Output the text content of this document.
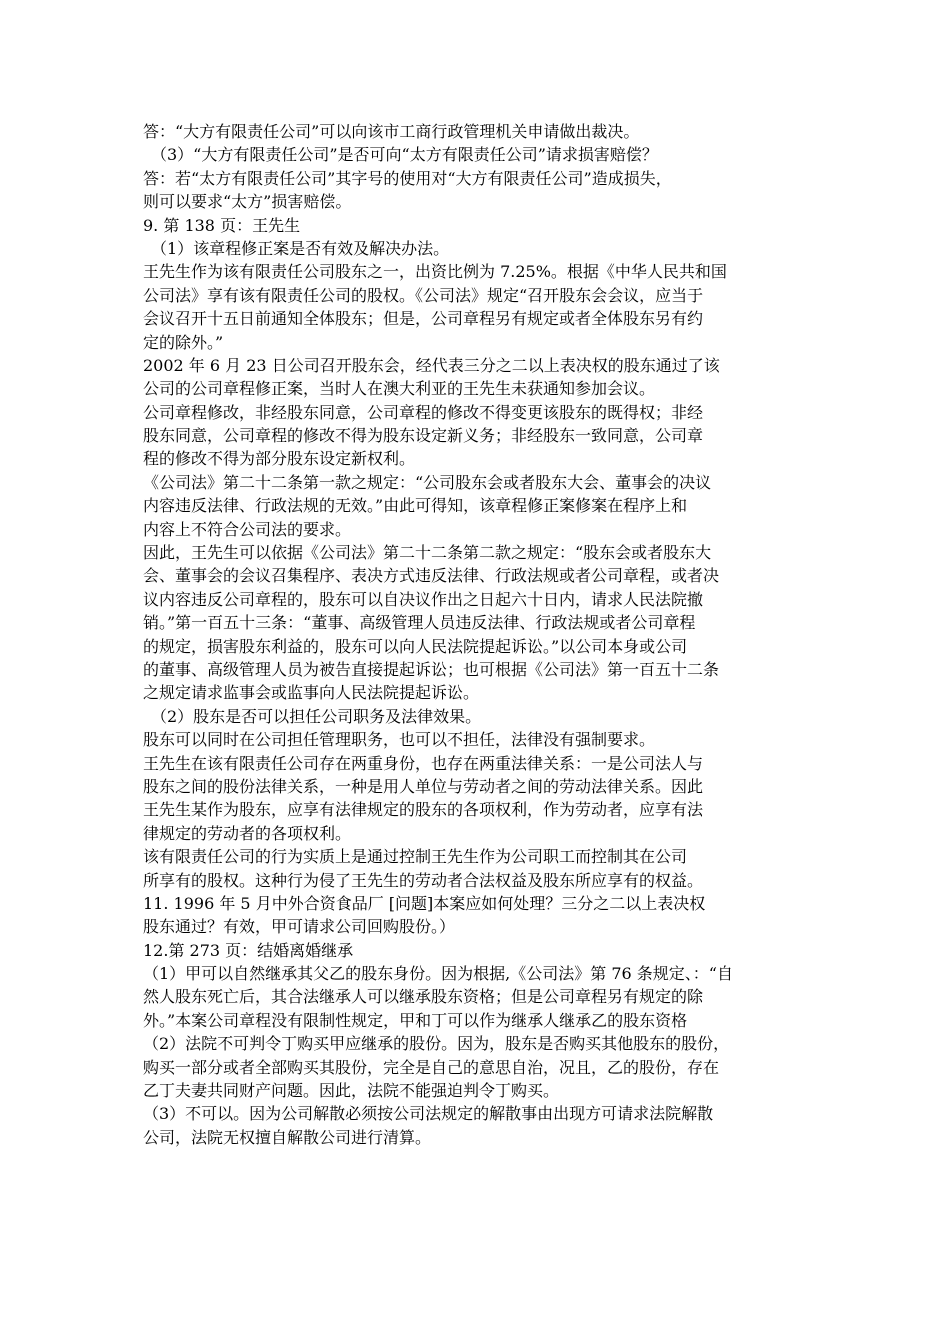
答：“大方有限责任公司”可以向该市工商行政管理机关申请做出裁决。
（3）“大方有限责任公司”是否可向“太方有限责任公司”请求损害赔偿？
答：若“太方有限责任公司”其字号的使用对“大方有限责任公司”造成损失，
则可以要求“太方”损害赔偿。
9. 第 138 页：王先生
（1）该章程修正案是否有效及解决办法。
王先生作为该有限责任公司股东之一，出资比例为 7.25%。根据《中华人民共和国
公司法》享有该有限责任公司的股权。《公司法》规定“召开股东会会议，应当于
会议召开十五日前通知全体股东；但是，公司章程另有规定或者全体股东另有约
定的除外。”
2002 年 6 月 23 日公司召开股东会，经代表三分之二以上表决权的股东通过了该
公司的公司章程修正案，当时人在澳大利亚的王先生未获通知参加会议。
公司章程修改，非经股东同意，公司章程的修改不得变更该股东的既得权；非经
股东同意，公司章程的修改不得为股东设定新义务；非经股东一致同意，公司章
程的修改不得为部分股东设定新权利。
《公司法》第二十二条第一款之规定：“公司股东会或者股东大会、董事会的决议
内容违反法律、行政法规的无效。”由此可得知，该章程修正案修案在程序上和
内容上不符合公司法的要求。
因此，王先生可以依据《公司法》第二十二条第二款之规定：“股东会或者股东大
会、董事会的会议召集程序、表决方式违反法律、行政法规或者公司章程，或者决
议内容违反公司章程的，股东可以自决议作出之日起六十日内，请求人民法院撤
销。”第一百五十三条：“董事、高级管理人员违反法律、行政法规或者公司章程
的规定，损害股东利益的，股东可以向人民法院提起诉讼。”以公司本身或公司
的董事、高级管理人员为被告直接提起诉讼；也可根据《公司法》第一百五十二条
之规定请求监事会或监事向人民法院提起诉讼。
（2）股东是否可以担任公司职务及法律效果。
股东可以同时在公司担任管理职务，也可以不担任，法律没有强制要求。
王先生在该有限责任公司存在两重身份，也存在两重法律关系：一是公司法人与
股东之间的股份法律关系，一种是用人单位与劳动者之间的劳动法律关系。因此
王先生某作为股东，应享有法律规定的股东的各项权利，作为劳动者，应享有法
律规定的劳动者的各项权利。
该有限责任公司的行为实质上是通过控制王先生作为公司职工而控制其在公司
所享有的股权。这种行为侵了王先生的劳动者合法权益及股东所应享有的权益。
11. 1996 年 5 月中外合资食品厂 [问题]本案应如何处理？三分之二以上表决权
股东通过？有效，甲可请求公司回购股份。）
12.第 273 页：结婚离婚继承
（1）甲可以自然继承其父乙的股东身份。因为根据,《公司法》第 76 条规定、：“自
然人股东死亡后，其合法继承人可以继承股东资格；但是公司章程另有规定的除
外。”本案公司章程没有限制性规定，甲和丁可以作为继承人继承乙的股东资格
（2）法院不可判令丁购买甲应继承的股份。因为，股东是否购买其他股东的股份，
购买一部分或者全部购买其股份，完全是自己的意思自治，况且，乙的股份，存在
乙丁夫妻共同财产问题。因此，法院不能强迫判令丁购买。
（3）不可以。因为公司解散必须按公司法规定的解散事由出现方可请求法院解散
公司，法院无权擅自解散公司进行清算。
